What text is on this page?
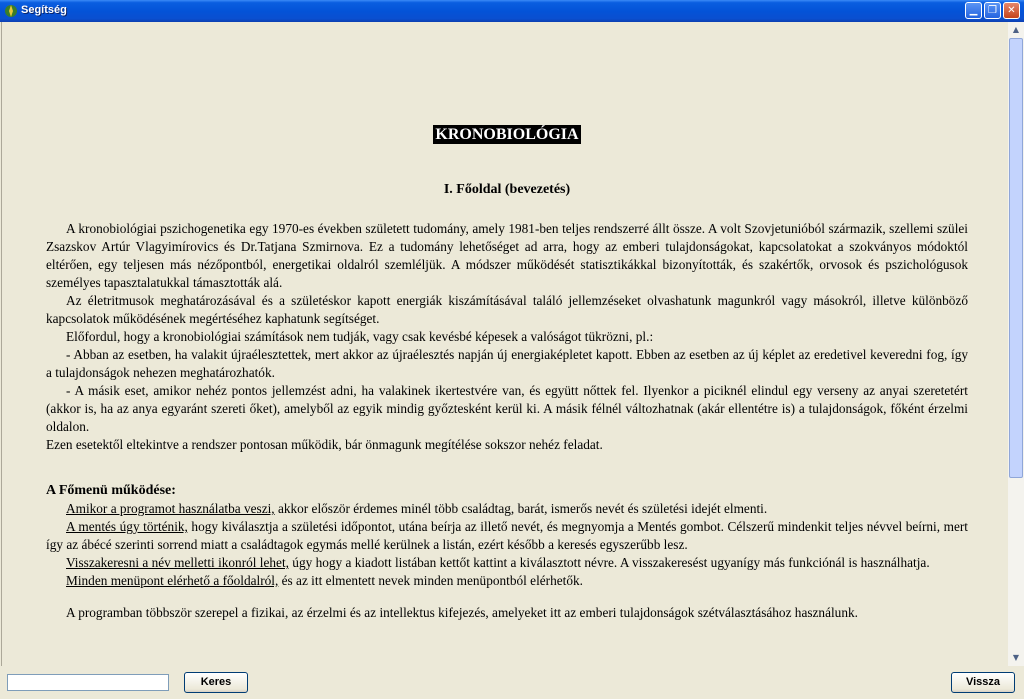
Segítség	▁	❐	✕
KRONOBIOLÓGIA
I. Főoldal (bevezetés)

A kronobiológiai pszichogenetika egy 1970-es években született tudomány, amely 1981-ben teljes rendszerré állt össze. A volt Szovjetunióból származik, szellemi szülei Zsazskov Artúr Vlagyimírovics és Dr.Tatjana Szmirnova. Ez a tudomány lehetőséget ad arra, hogy az emberi tulajdonságokat, kapcsolatokat a szokványos módoktól eltérően, egy teljesen más nézőpontból, energetikai oldalról szemléljük. A módszer működését statisztikákkal bizonyították, és szakértők, orvosok és pszichológusok személyes tapasztalatukkal támasztották alá.

Az életritmusok meghatározásával és a születéskor kapott energiák kiszámításával találó jellemzéseket olvashatunk magunkról vagy másokról, illetve különböző kapcsolatok működésének megértéséhez kaphatunk segítséget.

Előfordul, hogy a kronobiológiai számítások nem tudják, vagy csak kevésbé képesek a valóságot tükrözni, pl.:

- Abban az esetben, ha valakit újraélesztettek, mert akkor az újraélesztés napján új energiaképletet kapott. Ebben az esetben az új képlet az eredetivel keveredni fog, így a tulajdonságok nehezen meghatározhatók.

- A másik eset, amikor nehéz pontos jellemzést adni, ha valakinek ikertestvére van, és együtt nőttek fel. Ilyenkor a piciknél elindul egy verseny az anyai szeretetért (akkor is, ha az anya egyaránt szereti őket), amelyből az egyik mindig győztesként kerül ki. A másik félnél változhatnak (akár ellentétre is) a tulajdonságok, főként érzelmi oldalon.

Ezen esetektől eltekintve a rendszer pontosan működik, bár önmagunk megítélése sokszor nehéz feladat.

A Főmenü működése:

Amikor a programot használatba veszi, akkor először érdemes minél több családtag, barát, ismerős nevét és születési idejét elmenti.

A mentés úgy történik, hogy kiválasztja a születési időpontot, utána beírja az illető nevét, és megnyomja a Mentés gombot. Célszerű mindenkit teljes névvel beírni, mert így az ábécé szerinti sorrend miatt a családtagok egymás mellé kerülnek a listán, ezért később a keresés egyszerűbb lesz.

Visszakeresni a név melletti ikonról lehet, úgy hogy a kiadott listában kettőt kattint a kiválasztott névre. A visszakeresést ugyanígy más funkciónál is használhatja.

Minden menüpont elérhető a főoldalról, és az itt elmentett nevek minden menüpontból elérhetők.

A programban többször szerepel a fizikai, az érzelmi és az intellektus kifejezés, amelyeket itt az emberi tulajdonságok szétválasztásához használunk.

▲
▼
Keres	Vissza
